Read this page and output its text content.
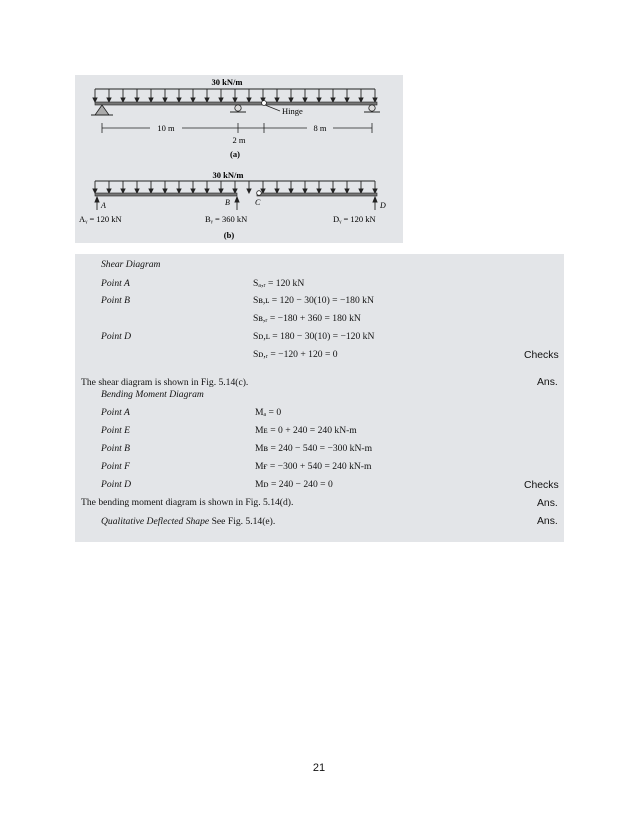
30 kN/m
Hinge
10 m
2 m
8 m
(a)
30 kN/m
A	B	C	D
Aᵧ = 120 kN	Bᵧ = 360 kN	Dᵧ = 120 kN
(b)
Shear Diagram
Point A	Sₐ,ᵣ = 120 kN
Point B	Sʙ,ʟ = 120 − 30(10) = −180 kN
Sʙ,ᵣ = −180 + 360 = 180 kN
Point D	Sᴅ,ʟ = 180 − 30(10) = −120 kN
Sᴅ,ᵣ = −120 + 120 = 0	Checks
The shear diagram is shown in Fig. 5.14(c).	Ans.
Bending Moment Diagram
Point A	Mₐ = 0
Point E	Mᴇ = 0 + 240 = 240 kN-m
Point B	Mʙ = 240 − 540 = −300 kN-m
Point F	Mғ = −300 + 540 = 240 kN-m
Point D	Mᴅ = 240 − 240 = 0	Checks
The bending moment diagram is shown in Fig. 5.14(d).	Ans.
Qualitative Deflected Shape See Fig. 5.14(e).	Ans.
21
